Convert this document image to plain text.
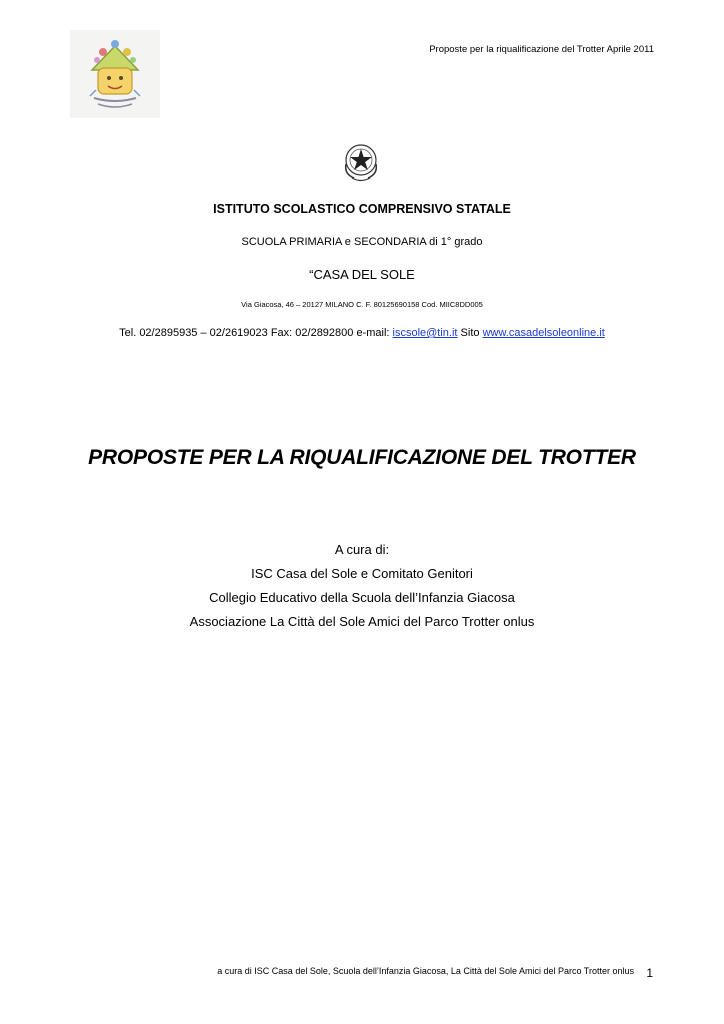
Proposte per la riqualificazione del Trotter Aprile 2011
ISTITUTO SCOLASTICO COMPRENSIVO STATALE
SCUOLA PRIMARIA e SECONDARIA di 1° grado
“CASA DEL SOLE
Via Giacosa, 46 – 20127 MILANO C. F. 80125690158 Cod. MIIC8DD005
Tel. 02/2895935 – 02/2619023 Fax: 02/2892800 e-mail: iscsole@tin.it Sito www.casadelsoleonline.it
PROPOSTE PER LA RIQUALIFICAZIONE DEL TROTTER
A cura di:
ISC Casa del Sole e Comitato Genitori
Collegio Educativo della Scuola dell’Infanzia Giacosa
Associazione La Città del Sole Amici del Parco Trotter onlus
a cura di ISC Casa del Sole, Scuola dell’Infanzia Giacosa, La Città del Sole Amici del Parco Trotter onlus 1
